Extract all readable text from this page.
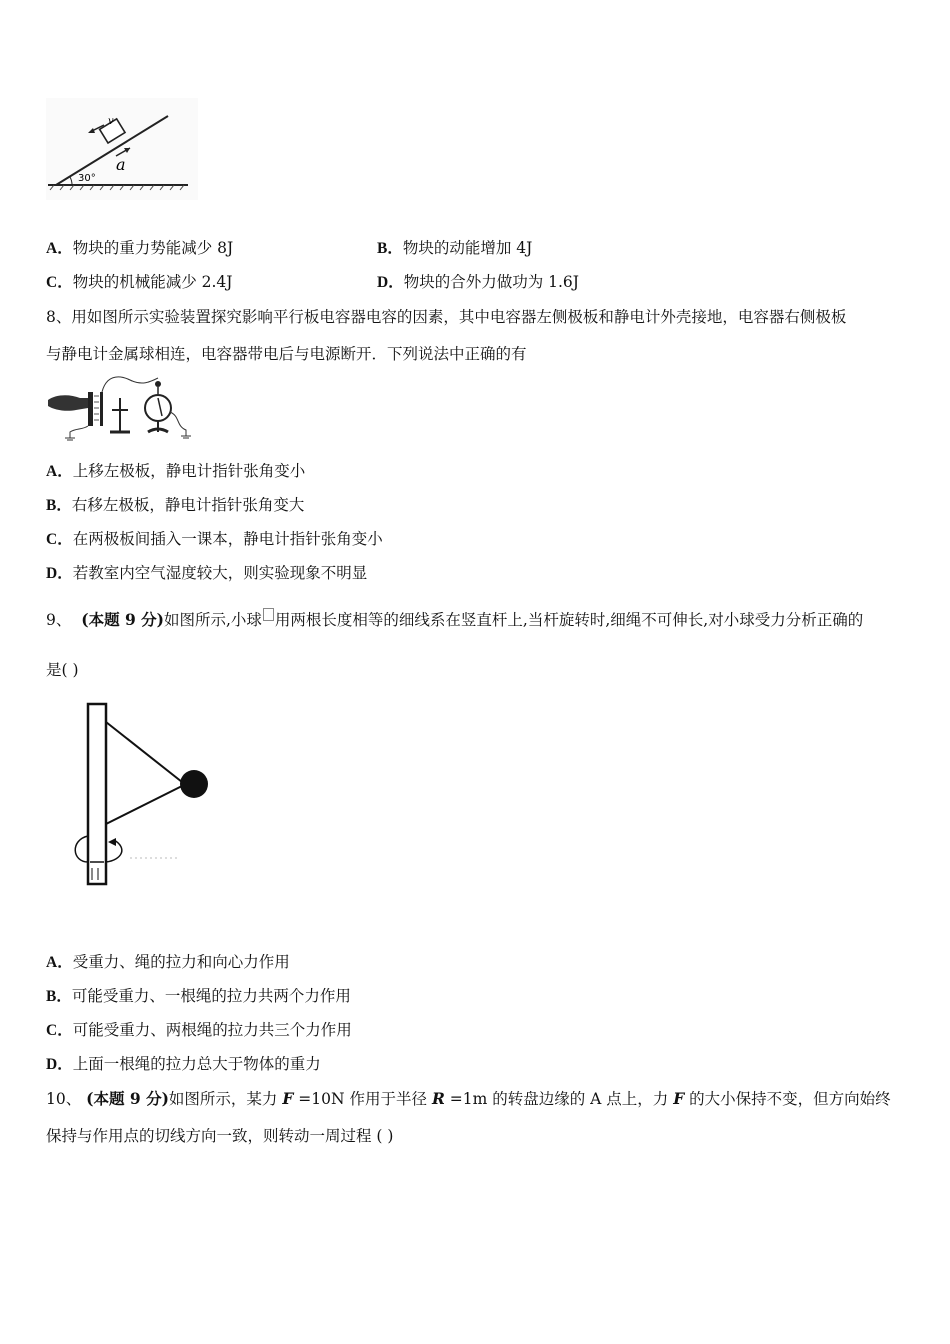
v
a
30°
A．物块的重力势能减少 8J	B．物块的动能增加 4J
C．物块的机械能减少 2.4J	D．物块的合外力做功为 1.6J
8、用如图所示实验装置探究影响平行板电容器电容的因素，其中电容器左侧极板和静电计外壳接地，电容器右侧极板
与静电计金属球相连，电容器带电后与电源断开．下列说法中正确的有
A．上移左极板，静电计指针张角变小
B．右移左极板，静电计指针张角变大
C．在两极板间插入一课本，静电计指针张角变小
D．若教室内空气湿度较大，则实验现象不明显
9、 (本题 9 分)如图所示,小球 用两根长度相等的细线系在竖直杆上,当杆旋转时,细绳不可伸长,对小球受力分析正确的
是( )
A．受重力、绳的拉力和向心力作用
B．可能受重力、一根绳的拉力共两个力作用
C．可能受重力、两根绳的拉力共三个力作用
D．上面一根绳的拉力总大于物体的重力
10、 (本题 9 分)如图所示，某力 F =10N 作用于半径 R =1m 的转盘边缘的 A 点上，力 F 的大小保持不变，但方向始终
保持与作用点的切线方向一致，则转动一周过程 ( )
